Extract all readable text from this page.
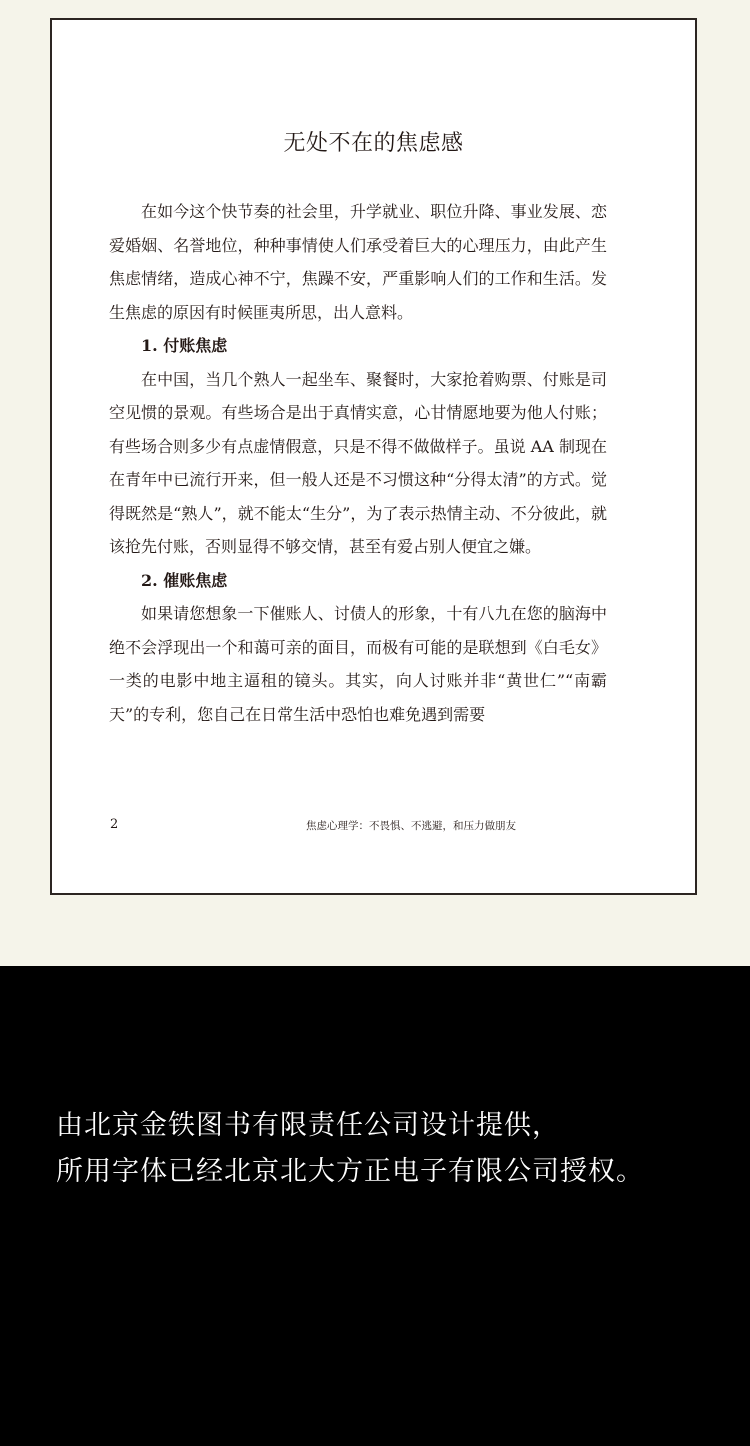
无处不在的焦虑感

在如今这个快节奏的社会里，升学就业、职位升降、事业发展、恋爱婚姻、名誉地位，种种事情使人们承受着巨大的心理压力，由此产生焦虑情绪，造成心神不宁，焦躁不安，严重影响人们的工作和生活。发生焦虑的原因有时候匪夷所思，出人意料。

1. 付账焦虑

在中国，当几个熟人一起坐车、聚餐时，大家抢着购票、付账是司空见惯的景观。有些场合是出于真情实意，心甘情愿地要为他人付账；有些场合则多少有点虚情假意，只是不得不做做样子。虽说 AA 制现在在青年中已流行开来，但一般人还是不习惯这种“分得太清”的方式。觉得既然是“熟人”，就不能太“生分”，为了表示热情主动、不分彼此，就该抢先付账，否则显得不够交情，甚至有爱占别人便宜之嫌。

2. 催账焦虑

如果请您想象一下催账人、讨债人的形象，十有八九在您的脑海中绝不会浮现出一个和蔼可亲的面目，而极有可能的是联想到《白毛女》一类的电影中地主逼租的镜头。其实，向人讨账并非“黄世仁”“南霸天”的专利，您自己在日常生活中恐怕也难免遇到需要

2	焦虑心理学：不畏惧、不逃避，和压力做朋友
由北京金铁图书有限责任公司设计提供，
所用字体已经北京北大方正电子有限公司授权。
